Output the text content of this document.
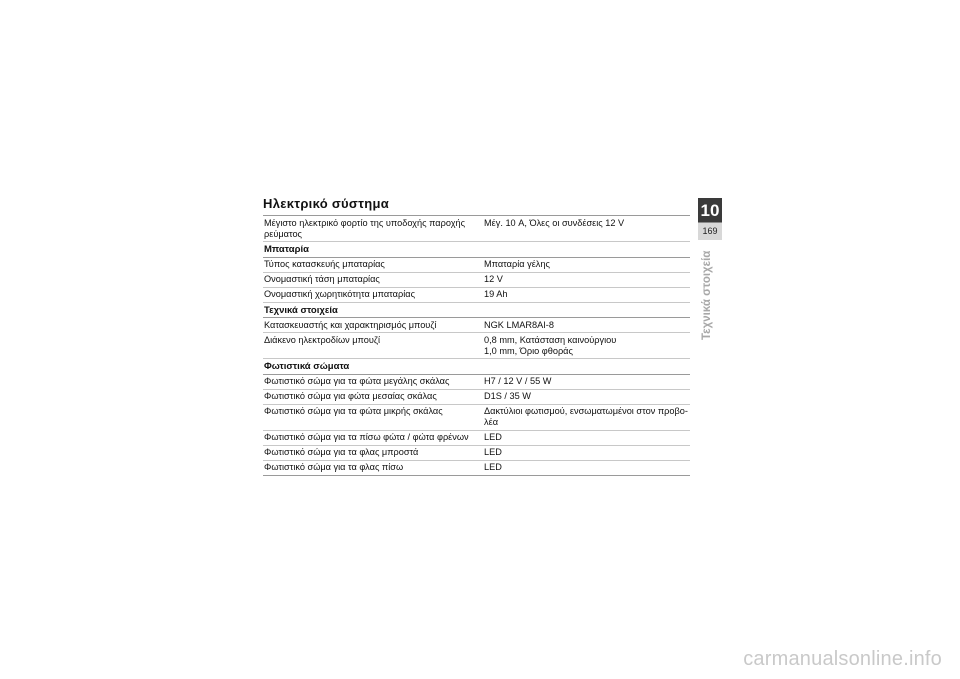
Ηλεκτρικό σύστημα
Μέγιστο ηλεκτρικό φορτίο της υποδοχής παροχής ρεύματος	Μέγ. 10 A, Όλες οι συνδέσεις 12 V
Μπαταρία	
Τύπος κατασκευής μπαταρίας	Μπαταρία γέλης
Ονομαστική τάση μπαταρίας	12 V
Ονομαστική χωρητικότητα μπαταρίας	19 Ah
Τεχνικά στοιχεία	
Κατασκευαστής και χαρακτηρισμός μπουζί	NGK LMAR8AI-8
Διάκενο ηλεκτροδίων μπουζί	0,8 mm, Κατάσταση καινούργιου
1,0 mm, Όριο φθοράς

Φωτιστικά σώματα	
Φωτιστικό σώμα για τα φώτα μεγάλης σκάλας	H7 / 12 V / 55 W
Φωτιστικό σώμα για φώτα μεσαίας σκάλας	D1S / 35 W
Φωτιστικό σώμα για τα φώτα μικρής σκάλας	Δακτύλιοι φωτισμού, ενσωματωμένοι στον προβο-
λέα

Φωτιστικό σώμα για τα πίσω φώτα / φώτα φρένων	LED
Φωτιστικό σώμα για τα φλας μπροστά	LED
Φωτιστικό σώμα για τα φλας πίσω	LED
10
169
Τεχνικά στοιχεία
carmanualsonline.info
